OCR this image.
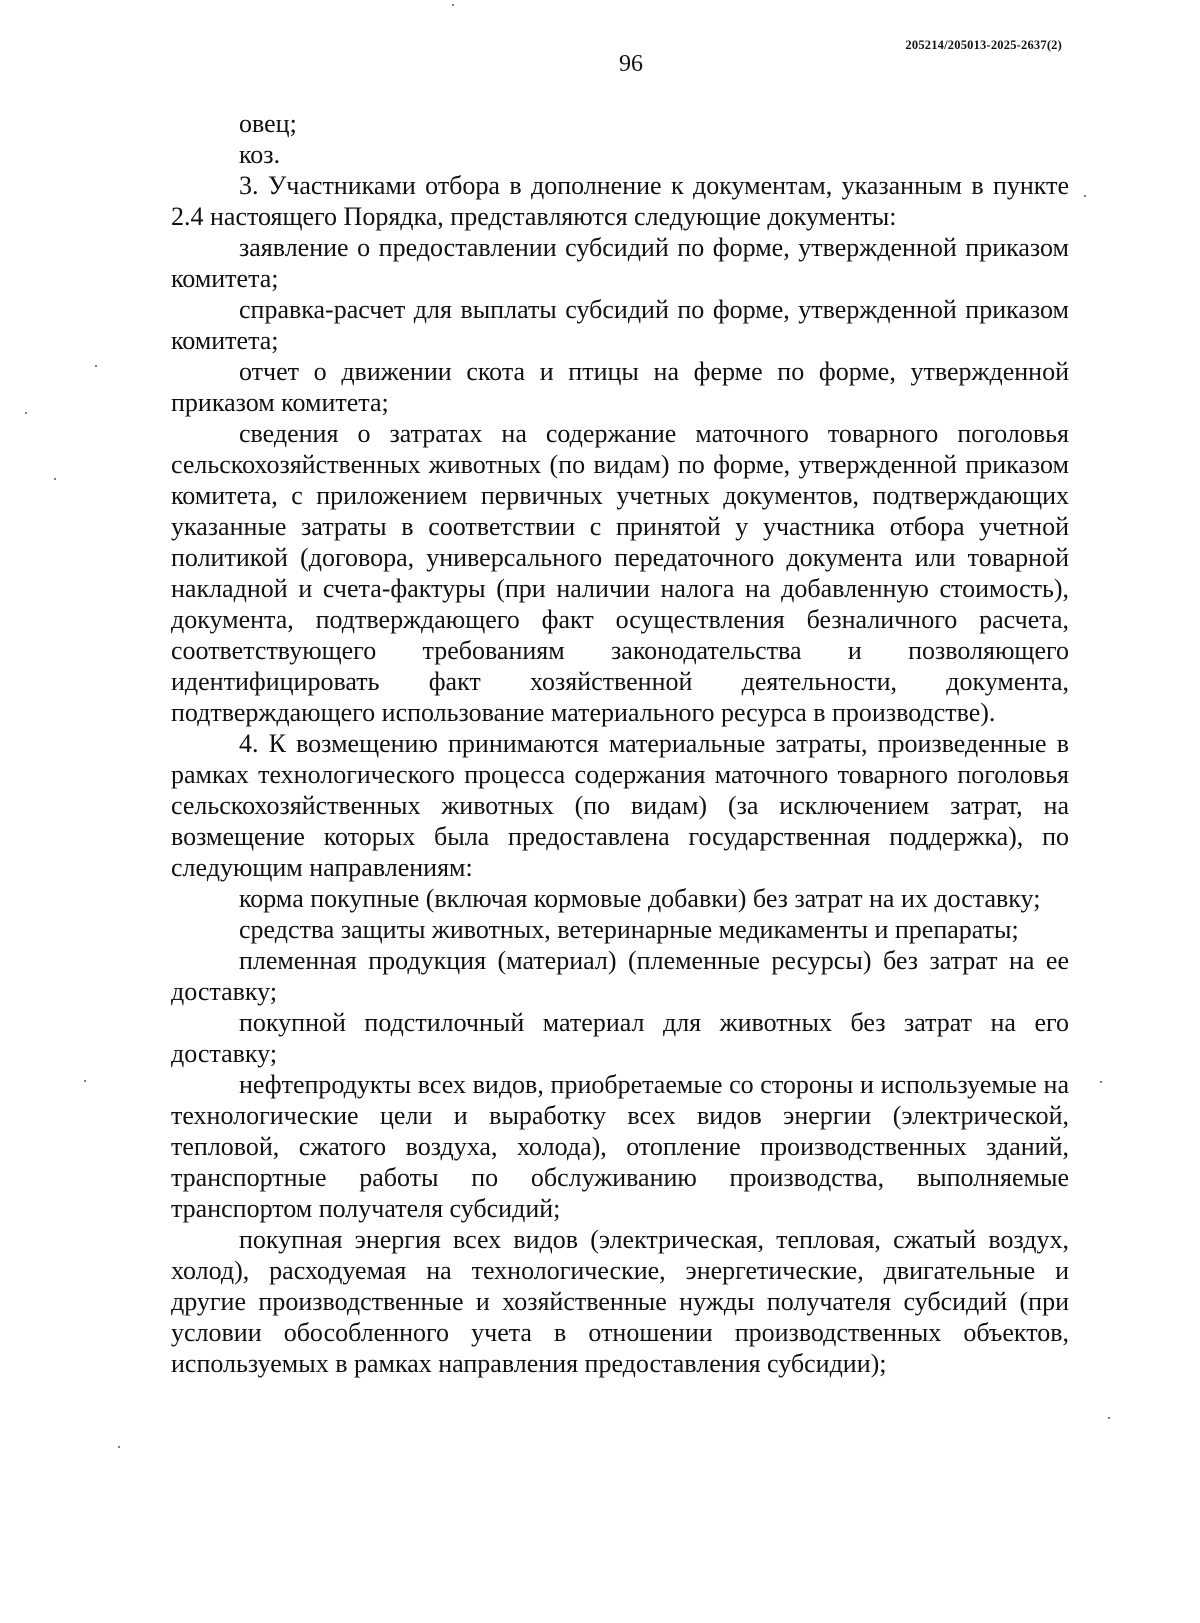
205214/205013-2025-2637(2)
96

овец;

коз.

3. Участниками отбора в дополнение к документам, указанным в пункте 2.4 настоящего Порядка, представляются следующие документы:

заявление о предоставлении субсидий по форме, утвержденной приказом комитета;

справка-расчет для выплаты субсидий по форме, утвержденной приказом комитета;

отчет о движении скота и птицы на ферме по форме, утвержденной приказом комитета;

сведения о затратах на содержание маточного товарного поголовья сельскохозяйственных животных (по видам) по форме, утвержденной приказом комитета, с приложением первичных учетных документов, подтверждающих указанные затраты в соответствии с принятой у участника отбора учетной политикой (договора, универсального передаточного документа или товарной накладной и счета-фактуры (при наличии налога на добавленную стоимость), документа, подтверждающего факт осуществления безналичного расчета, соответствующего требованиям законодательства и позволяющего идентифицировать факт хозяйственной деятельности, документа, подтверждающего использование материального ресурса в производстве).

4. К возмещению принимаются материальные затраты, произведенные в рамках технологического процесса содержания маточного товарного поголовья сельскохозяйственных животных (по видам) (за исключением затрат, на возмещение которых была предоставлена государственная поддержка), по следующим направлениям:

корма покупные (включая кормовые добавки) без затрат на их доставку;

средства защиты животных, ветеринарные медикаменты и препараты;

племенная продукция (материал) (племенные ресурсы) без затрат на ее доставку;

покупной подстилочный материал для животных без затрат на его доставку;

нефтепродукты всех видов, приобретаемые со стороны и используемые на технологические цели и выработку всех видов энергии (электрической, тепловой, сжатого воздуха, холода), отопление производственных зданий, транспортные работы по обслуживанию производства, выполняемые транспортом получателя субсидий;

покупная энергия всех видов (электрическая, тепловая, сжатый воздух, холод), расходуемая на технологические, энергетические, двигательные и другие производственные и хозяйственные нужды получателя субсидий (при условии обособленного учета в отношении производственных объектов, используемых в рамках направления предоставления субсидии);
